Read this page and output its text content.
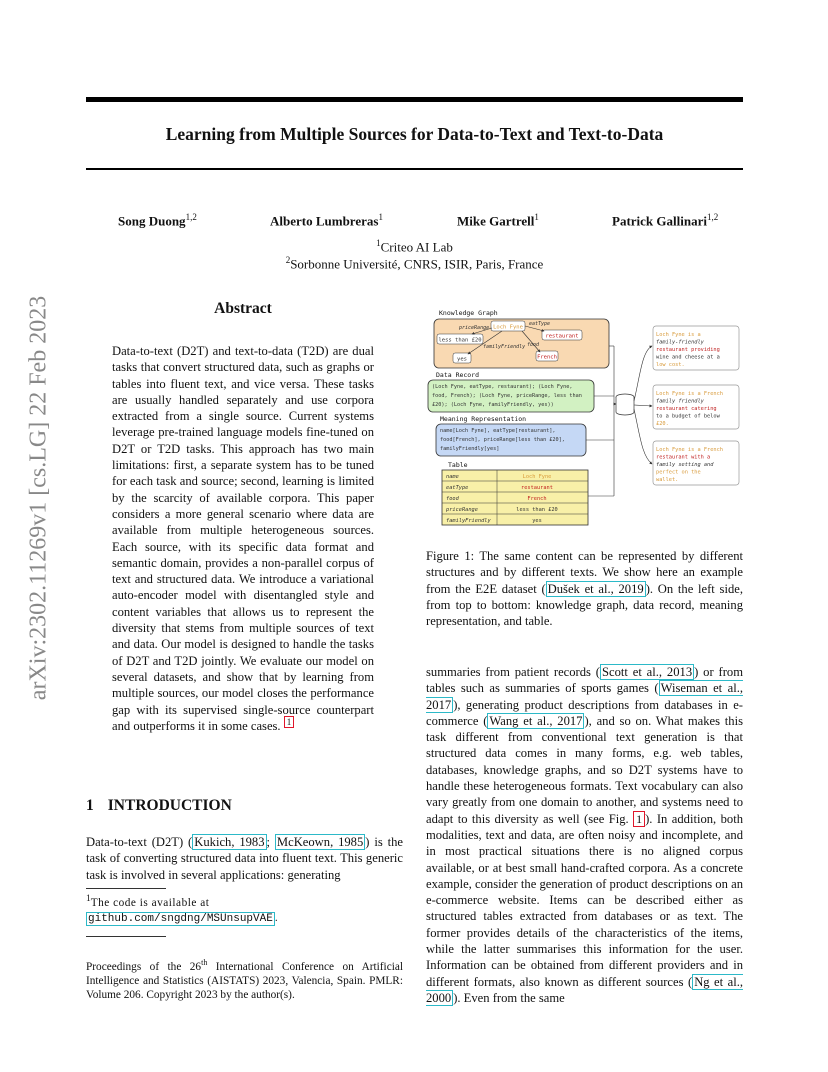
Learning from Multiple Sources for Data-to-Text and Text-to-Data
Song Duong$^{1,2}$	Alberto Lumbreras$^1$	Mike Gartrell$^1$	Patrick Gallinari$^{1,2}$
$^1$Criteo AI Lab
$^2$Sorbonne Université, CNRS, ISIR, Paris, France
arXiv:2302.11269v1 [cs.LG] 22 Feb 2023	Abstract
Data-to-text (D2T) and text-to-data (T2D) are dual tasks that convert structured data, such as graphs or tables into fluent text, and vice versa. These tasks are usually handled separately and use corpora extracted from a single source. Current systems leverage pre-trained language models fine-tuned on D2T or T2D tasks. This approach has two main limitations: first, a separate system has to be tuned for each task and source; second, learning is limited by the scarcity of available corpora. This paper considers a more general scenario where data are available from multiple heterogeneous sources. Each source, with its specific data format and semantic domain, provides a non-parallel corpus of text and structured data. We introduce a variational auto-encoder model with disentangled style and content variables that allows us to represent the diversity that stems from multiple sources of text and data. Our model is designed to handle the tasks of D2T and T2D jointly. We evaluate our model on several datasets, and show that by learning from multiple sources, our model closes the performance gap with its supervised single-source counterpart and outperforms it in some cases. $^1$
1 INTRODUCTION
Data-to-text (D2T) ( Kukich, 1983 ; McKeown, 1985 ) is the task of converting structured data into fluent text. This generic task is involved in several applications: generating
$^1$The code is available at github.com/sngdng/MSUnsupVAE .
Proceedings of the 26th International Conference on Artificial Intelligence and Statistics (AISTATS) 2023, Valencia, Spain. PMLR: Volume 206. Copyright 2023 by the author(s).
Knowledge Graph
Loch Fyne
restaurant
less than £20
French
yes
priceRange
eatType
food
familyFriendly
Data Record
(Loch Fyne, eatType, restaurant); (Loch Fyne,
food, French); (Loch Fyne, priceRange, less than
£20); (Loch Fyne, familyFriendly, yes))
Meaning Representation
name[Loch Fyne], eatType[restaurant],
food[French], priceRange[less than £20],
familyFriendly[yes]
Table
name	Loch Fyne
eatType	restaurant
food	French
priceRange	less than £20
familyFriendly	yes
Loch Fyne is a
family-friendly
restaurant providing
wine and cheese at a
low cost.
Loch Fyne is a French
family friendly
restaurant catering
to a budget of below
£20.
Loch Fyne is a French
restaurant with a
family setting and
perfect on the
wallet.
Figure 1: The same content can be represented by different structures and by different texts. We show here an example from the E2E dataset ( Dušek et al., 2019 ). On the left side, from top to bottom: knowledge graph, data record, meaning representation, and table.
summaries from patient records ( Scott et al., 2013 ) or from tables such as summaries of sports games ( Wiseman et al., 2017 ), generating product descriptions from databases in e-commerce ( Wang et al., 2017 ), and so on. What makes this task different from conventional text generation is that structured data comes in many forms, e.g. web tables, databases, knowledge graphs, and so D2T systems have to handle these heterogeneous formats. Text vocabulary can also vary greatly from one domain to another, and systems need to adapt to this diversity as well (see Fig. 1 ). In addition, both modalities, text and data, are often noisy and incomplete, and in most practical situations there is no aligned corpus available, or at best small hand-crafted corpora. As a concrete example, consider the generation of product descriptions on an e-commerce website. Items can be described either as structured tables extracted from databases or as text. The former provides details of the characteristics of the items, while the latter summarises this information for the user. Information can be obtained from different providers and in different formats, also known as different sources ( Ng et al., 2000 ). Even from the same
